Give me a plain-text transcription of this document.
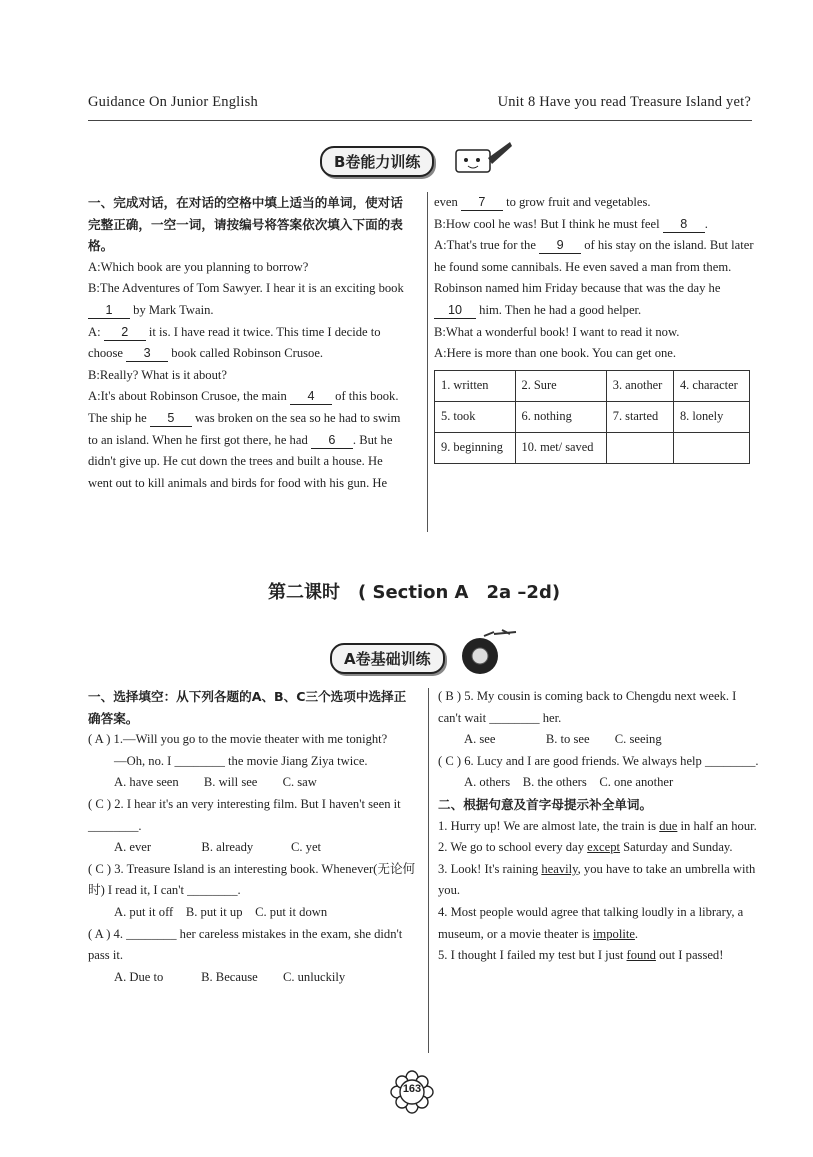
Guidance On Junior English	Unit 8 Have you read Treasure Island yet?
B卷能力训练

一、完成对话，在对话的空格中填上适当的单词，使对话完整正确，一空一词，请按编号将答案依次填入下面的表格。

A:Which book are you planning to borrow?

B:The Adventures of Tom Sawyer. I hear it is an exciting book 1 by Mark Twain.

A: 2 it is. I have read it twice. This time I decide to choose 3 book called Robinson Crusoe.

B:Really? What is it about?

A:It's about Robinson Crusoe, the main 4 of this book. The ship he 5 was broken on the sea so he had to swim to an island. When he first got there, he had 6 . But he didn't give up. He cut down the trees and built a house. He went out to kill animals and birds for food with his gun. He

even 7 to grow fruit and vegetables.

B:How cool he was! But I think he must feel 8 .

A:That's true for the 9 of his stay on the island. But later he found some cannibals. He even saved a man from them. Robinson named him Friday because that was the day he 10 him. Then he had a good helper.

B:What a wonderful book! I want to read it now.

A:Here is more than one book. You can get one.

1. written	2. Sure	3. another	4. character
5. took	6. nothing	7. started	8. lonely
9. beginning	10. met/ saved		
第二课时　( Section A　2a –2d)
A卷基础训练

一、选择填空：从下列各题的A、B、C三个选项中选择正确答案。

( A ) 1.—Will you go to the movie theater with me tonight?

—Oh, no. I ________ the movie Jiang Ziya twice.

A. have seen　　B. will see　　C. saw

( C ) 2. I hear it's an very interesting film. But I haven't seen it ________.

A. ever　　　　B. already　　　C. yet

( C ) 3. Treasure Island is an interesting book. Whenever(无论何时) I read it, I can't ________.

A. put it off　B. put it up　C. put it down

( A ) 4. ________ her careless mistakes in the exam, she didn't pass it.

A. Due to　　　B. Because　　C. unluckily

( B ) 5. My cousin is coming back to Chengdu next week. I can't wait ________ her.

A. see　　　　B. to see　　C. seeing

( C ) 6. Lucy and I are good friends. We always help ________.

A. others　B. the others　C. one another

二、根据句意及首字母提示补全单词。

1. Hurry up! We are almost late, the train is due in half an hour.

2. We go to school every day except Saturday and Sunday.

3. Look! It's raining heavily, you have to take an umbrella with you.

4. Most people would agree that talking loudly in a library, a museum, or a movie theater is impolite.

5. I thought I failed my test but I just found out I passed!

163
